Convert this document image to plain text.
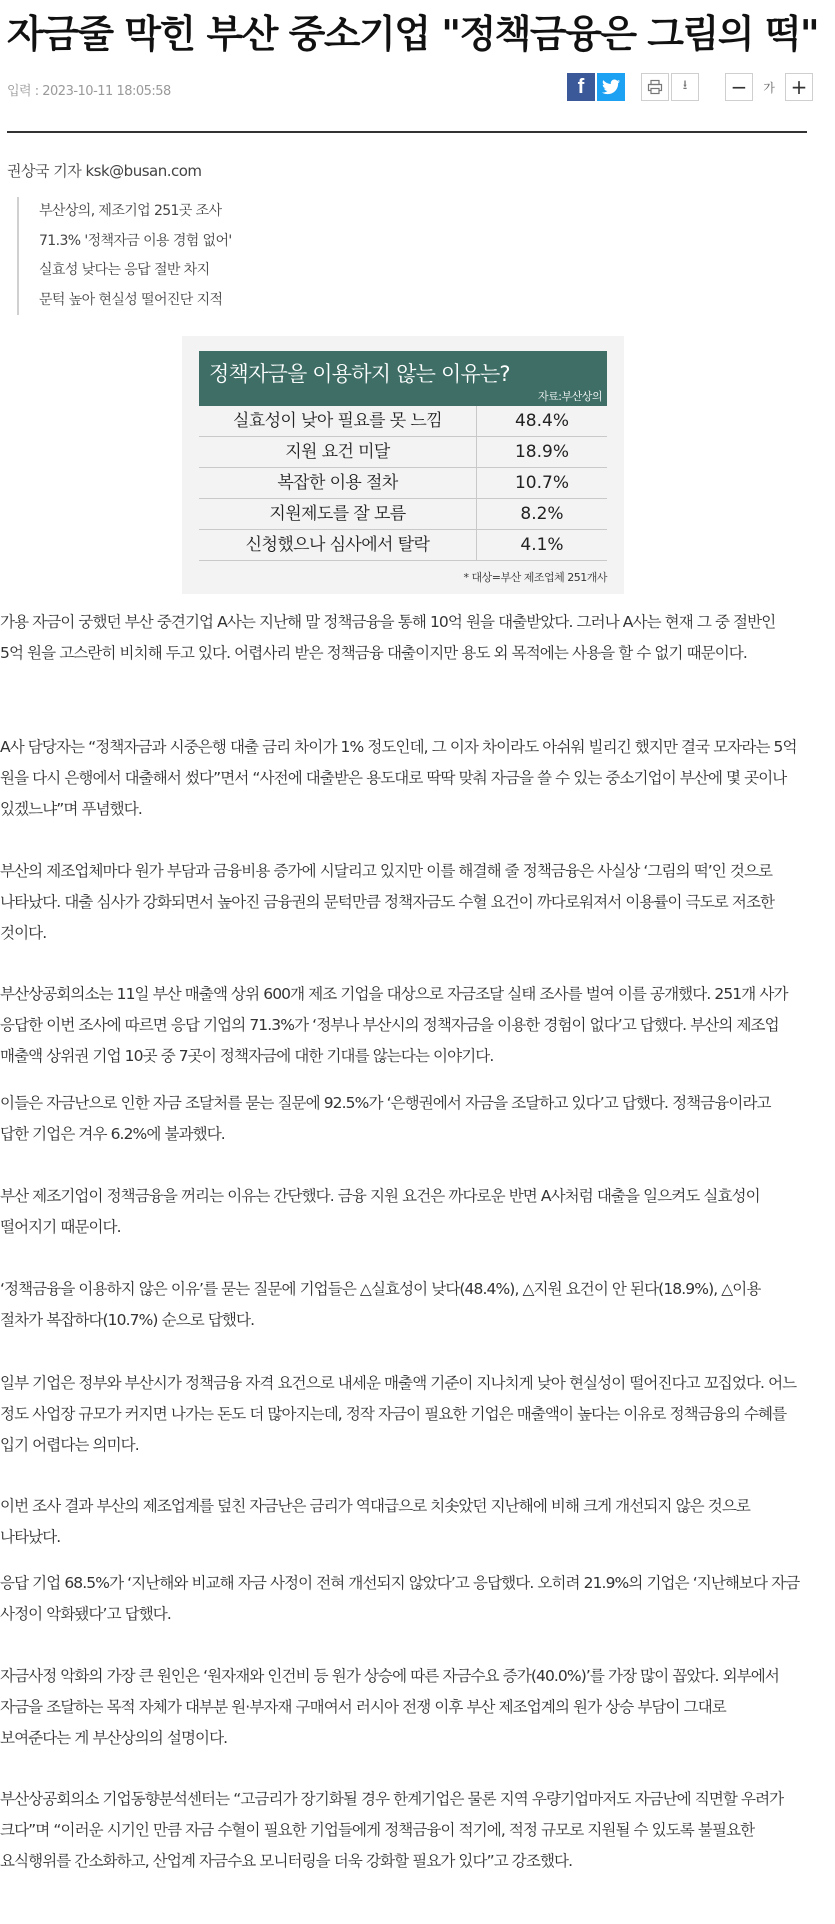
자금줄 막힌 부산 중소기업 "정책금융은 그림의 떡"
입력 : 2023-10-11 18:05:58	f	⭳ −	가 +
권상국 기자 ksk@busan.com
부산상의, 제조기업 251곳 조사
71.3% '정책자금 이용 경험 없어'
실효성 낮다는 응답 절반 차지
문턱 높아 현실성 떨어진단 지적
정책자금을 이용하지 않는 이유는?
자료:부산상의
실효성이 낮아 필요를 못 느낌	48.4%
지원 요건 미달	18.9%
복잡한 이용 절차	10.7%
지원제도를 잘 모름	8.2%
신청했으나 심사에서 탈락	4.1%
* 대상=부산 제조업체 251개사
가용 자금이 궁했던 부산 중견기업 A사는 지난해 말 정책금융을 통해 10억 원을 대출받았다. 그러나 A사는 현재 그 중 절반인 5억 원을 고스란히 비치해 두고 있다. 어렵사리 받은 정책금융 대출이지만 용도 외 목적에는 사용을 할 수 없기 때문이다.
A사 담당자는 “정책자금과 시중은행 대출 금리 차이가 1% 정도인데, 그 이자 차이라도 아쉬워 빌리긴 했지만 결국 모자라는 5억 원을 다시 은행에서 대출해서 썼다”면서 “사전에 대출받은 용도대로 딱딱 맞춰 자금을 쓸 수 있는 중소기업이 부산에 몇 곳이나 있겠느냐”며 푸념했다.
부산의 제조업체마다 원가 부담과 금융비용 증가에 시달리고 있지만 이를 해결해 줄 정책금융은 사실상 ‘그림의 떡’인 것으로 나타났다. 대출 심사가 강화되면서 높아진 금융권의 문턱만큼 정책자금도 수혈 요건이 까다로워져서 이용률이 극도로 저조한 것이다.
부산상공회의소는 11일 부산 매출액 상위 600개 제조 기업을 대상으로 자금조달 실태 조사를 벌여 이를 공개했다. 251개 사가 응답한 이번 조사에 따르면 응답 기업의 71.3%가 ‘정부나 부산시의 정책자금을 이용한 경험이 없다’고 답했다. 부산의 제조업 매출액 상위권 기업 10곳 중 7곳이 정책자금에 대한 기대를 않는다는 이야기다.
이들은 자금난으로 인한 자금 조달처를 묻는 질문에 92.5%가 ‘은행권에서 자금을 조달하고 있다’고 답했다. 정책금융이라고 답한 기업은 겨우 6.2%에 불과했다.
부산 제조기업이 정책금융을 꺼리는 이유는 간단했다. 금융 지원 요건은 까다로운 반면 A사처럼 대출을 일으켜도 실효성이 떨어지기 때문이다.
‘정책금융을 이용하지 않은 이유’를 묻는 질문에 기업들은 △실효성이 낮다(48.4%), △지원 요건이 안 된다(18.9%), △이용 절차가 복잡하다(10.7%) 순으로 답했다.
일부 기업은 정부와 부산시가 정책금융 자격 요건으로 내세운 매출액 기준이 지나치게 낮아 현실성이 떨어진다고 꼬집었다. 어느 정도 사업장 규모가 커지면 나가는 돈도 더 많아지는데, 정작 자금이 필요한 기업은 매출액이 높다는 이유로 정책금융의 수혜를 입기 어렵다는 의미다.
이번 조사 결과 부산의 제조업계를 덮친 자금난은 금리가 역대급으로 치솟았던 지난해에 비해 크게 개선되지 않은 것으로 나타났다.
응답 기업 68.5%가 ‘지난해와 비교해 자금 사정이 전혀 개선되지 않았다’고 응답했다. 오히려 21.9%의 기업은 ‘지난해보다 자금 사정이 악화됐다’고 답했다.
자금사정 악화의 가장 큰 원인은 ‘원자재와 인건비 등 원가 상승에 따른 자금수요 증가(40.0%)’를 가장 많이 꼽았다. 외부에서 자금을 조달하는 목적 자체가 대부분 원·부자재 구매여서 러시아 전쟁 이후 부산 제조업계의 원가 상승 부담이 그대로 보여준다는 게 부산상의의 설명이다.
부산상공회의소 기업동향분석센터는 “고금리가 장기화될 경우 한계기업은 물론 지역 우량기업마저도 자금난에 직면할 우려가 크다”며 “이러운 시기인 만큼 자금 수혈이 필요한 기업들에게 정책금융이 적기에, 적정 규모로 지원될 수 있도록 불필요한 요식행위를 간소화하고, 산업계 자금수요 모니터링을 더욱 강화할 필요가 있다”고 강조했다.
